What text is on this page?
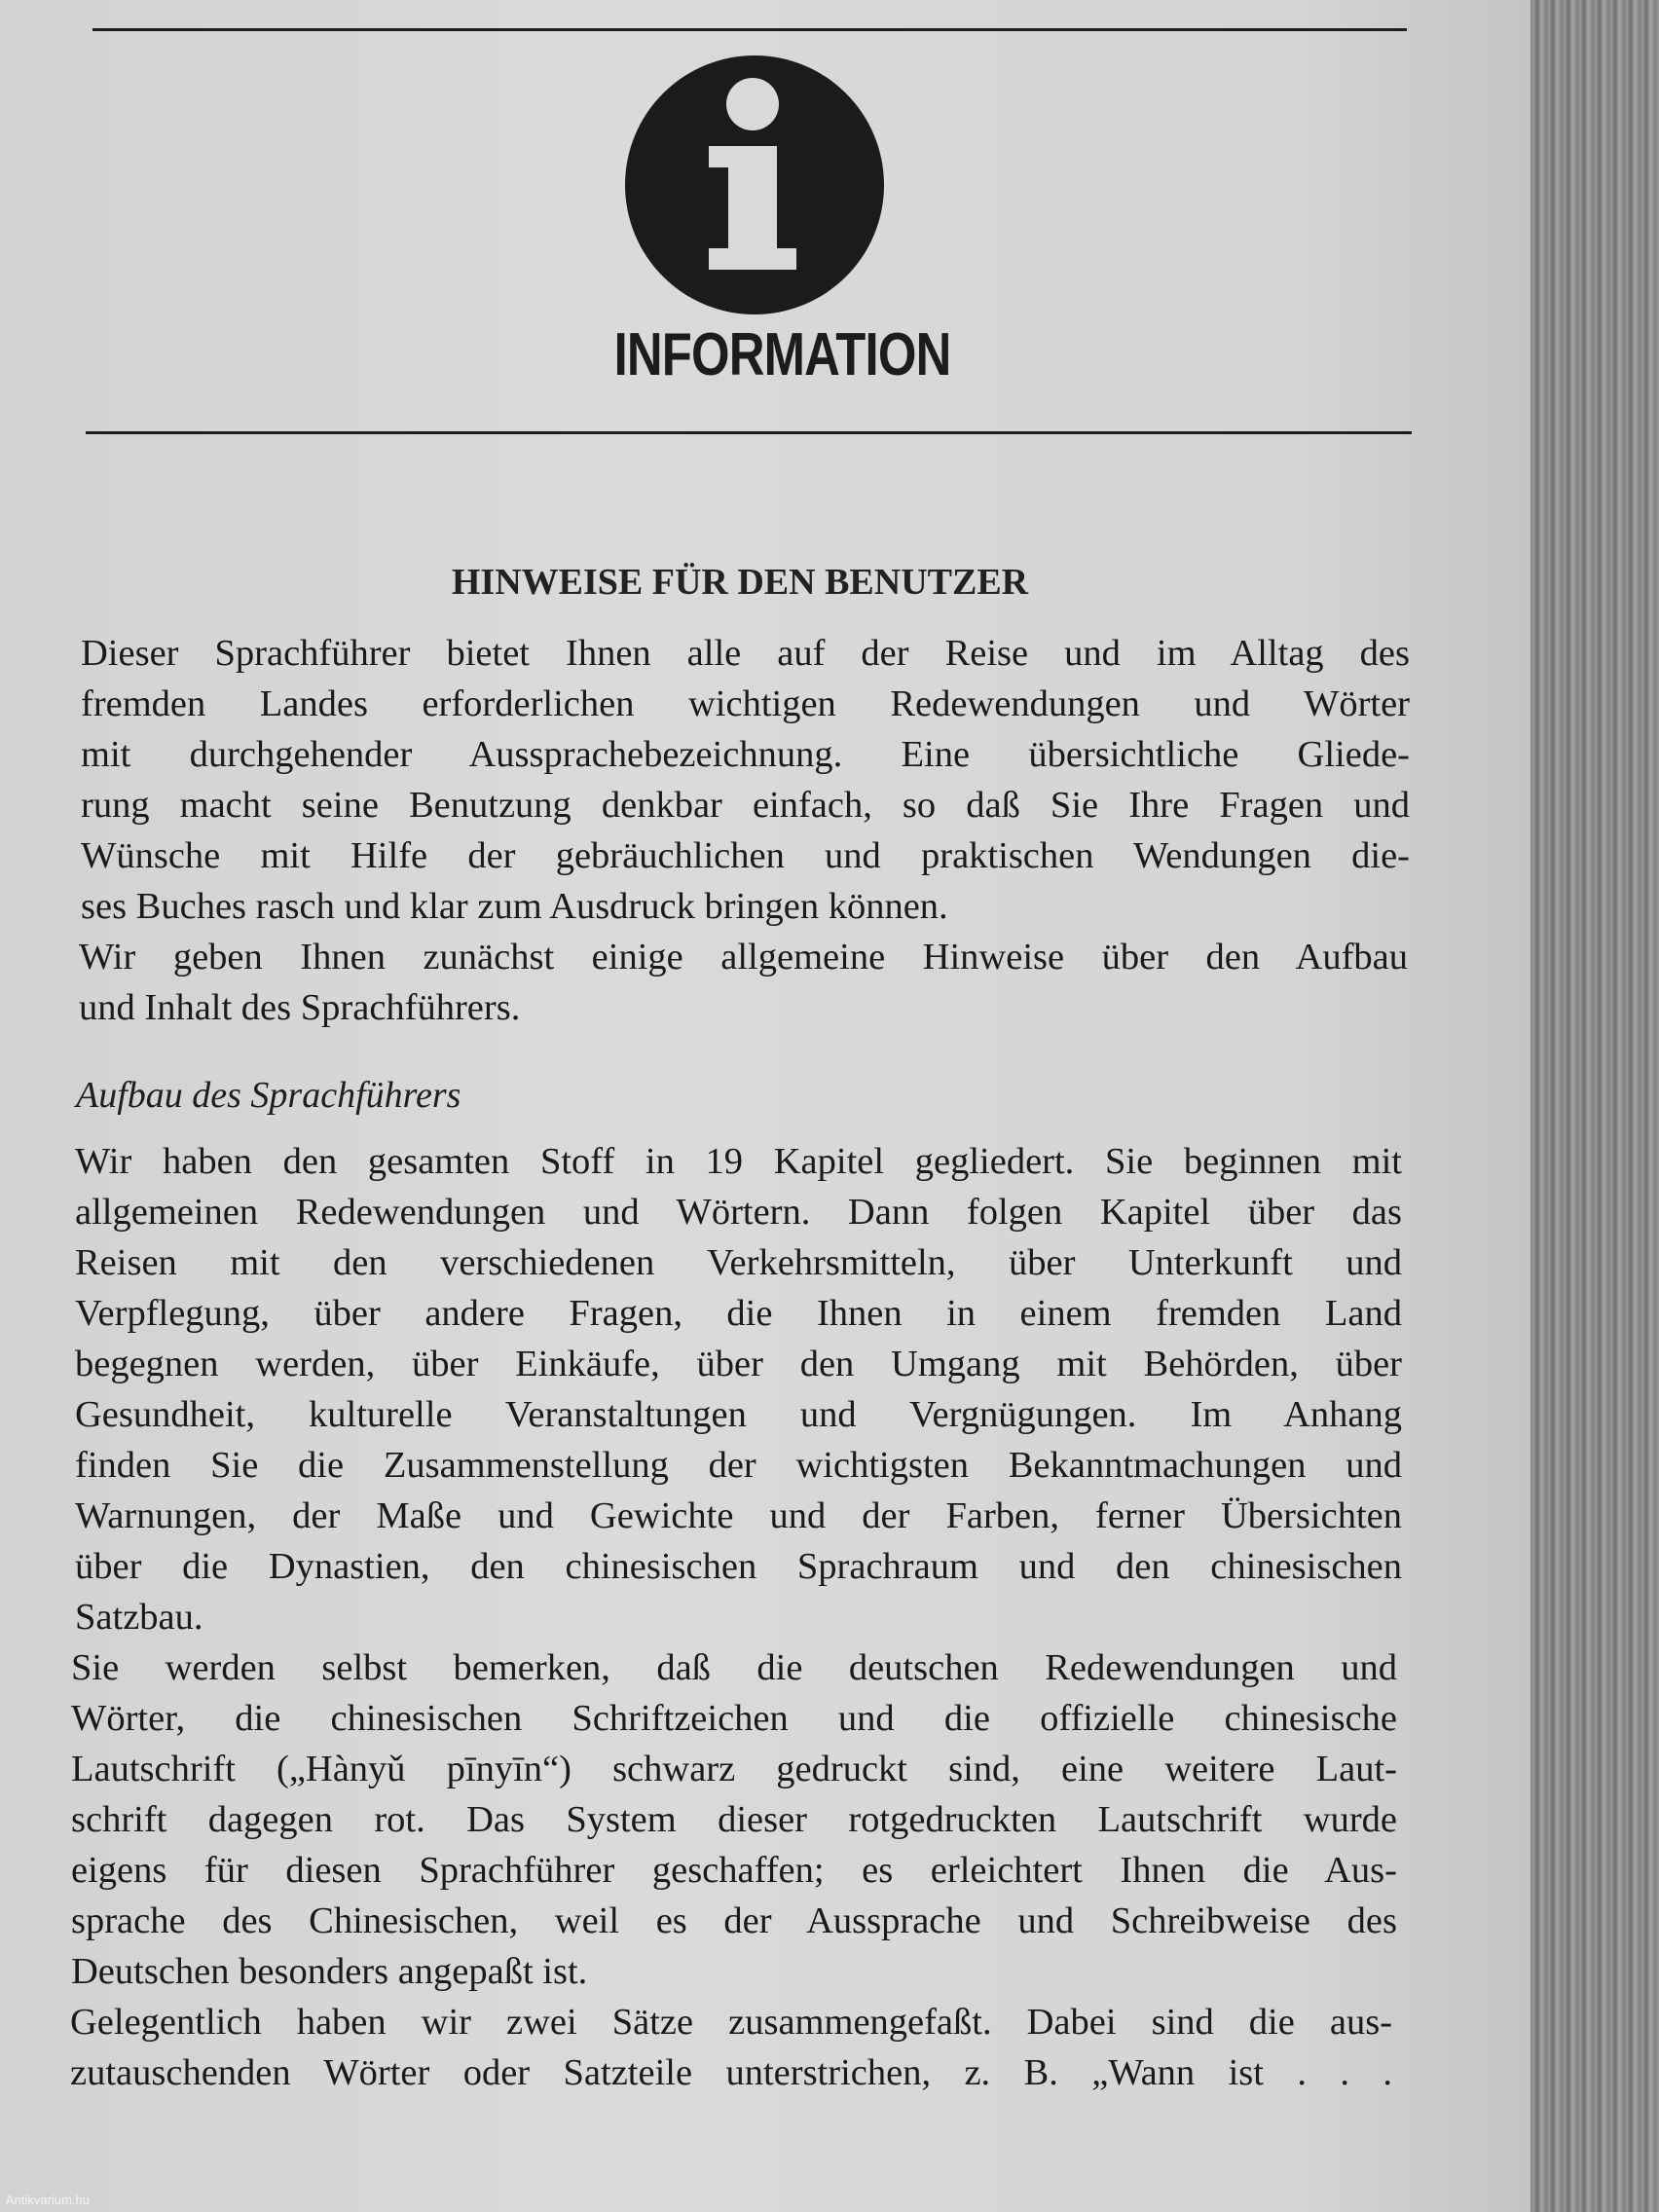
INFORMATION
HINWEISE FÜR DEN BENUTZER
Dieser Sprachführer bietet Ihnen alle auf der Reise und im Alltag des
fremden Landes erforderlichen wichtigen Redewendungen und Wörter
mit durchgehender Aussprachebezeichnung. Eine übersichtliche Gliede-
rung macht seine Benutzung denkbar einfach, so daß Sie Ihre Fragen und
Wünsche mit Hilfe der gebräuchlichen und praktischen Wendungen die-
ses Buches rasch und klar zum Ausdruck bringen können.
Wir geben Ihnen zunächst einige allgemeine Hinweise über den Aufbau
und Inhalt des Sprachführers.
Aufbau des Sprachführers
Wir haben den gesamten Stoff in 19 Kapitel gegliedert. Sie beginnen mit
allgemeinen Redewendungen und Wörtern. Dann folgen Kapitel über das
Reisen mit den verschiedenen Verkehrsmitteln, über Unterkunft und
Verpflegung, über andere Fragen, die Ihnen in einem fremden Land
begegnen werden, über Einkäufe, über den Umgang mit Behörden, über
Gesundheit, kulturelle Veranstaltungen und Vergnügungen. Im Anhang
finden Sie die Zusammenstellung der wichtigsten Bekanntmachungen und
Warnungen, der Maße und Gewichte und der Farben, ferner Übersichten
über die Dynastien, den chinesischen Sprachraum und den chinesischen
Satzbau.
Sie werden selbst bemerken, daß die deutschen Redewendungen und
Wörter, die chinesischen Schriftzeichen und die offizielle chinesische
Lautschrift („Hànyǔ pīnyīn“) schwarz gedruckt sind, eine weitere Laut-
schrift dagegen rot. Das System dieser rotgedruckten Lautschrift wurde
eigens für diesen Sprachführer geschaffen; es erleichtert Ihnen die Aus-
sprache des Chinesischen, weil es der Aussprache und Schreibweise des
Deutschen besonders angepaßt ist.
Gelegentlich haben wir zwei Sätze zusammengefaßt. Dabei sind die aus-
zutauschenden Wörter oder Satzteile unterstrichen, z. B. „Wann ist . . .
Antikvarium.hu
